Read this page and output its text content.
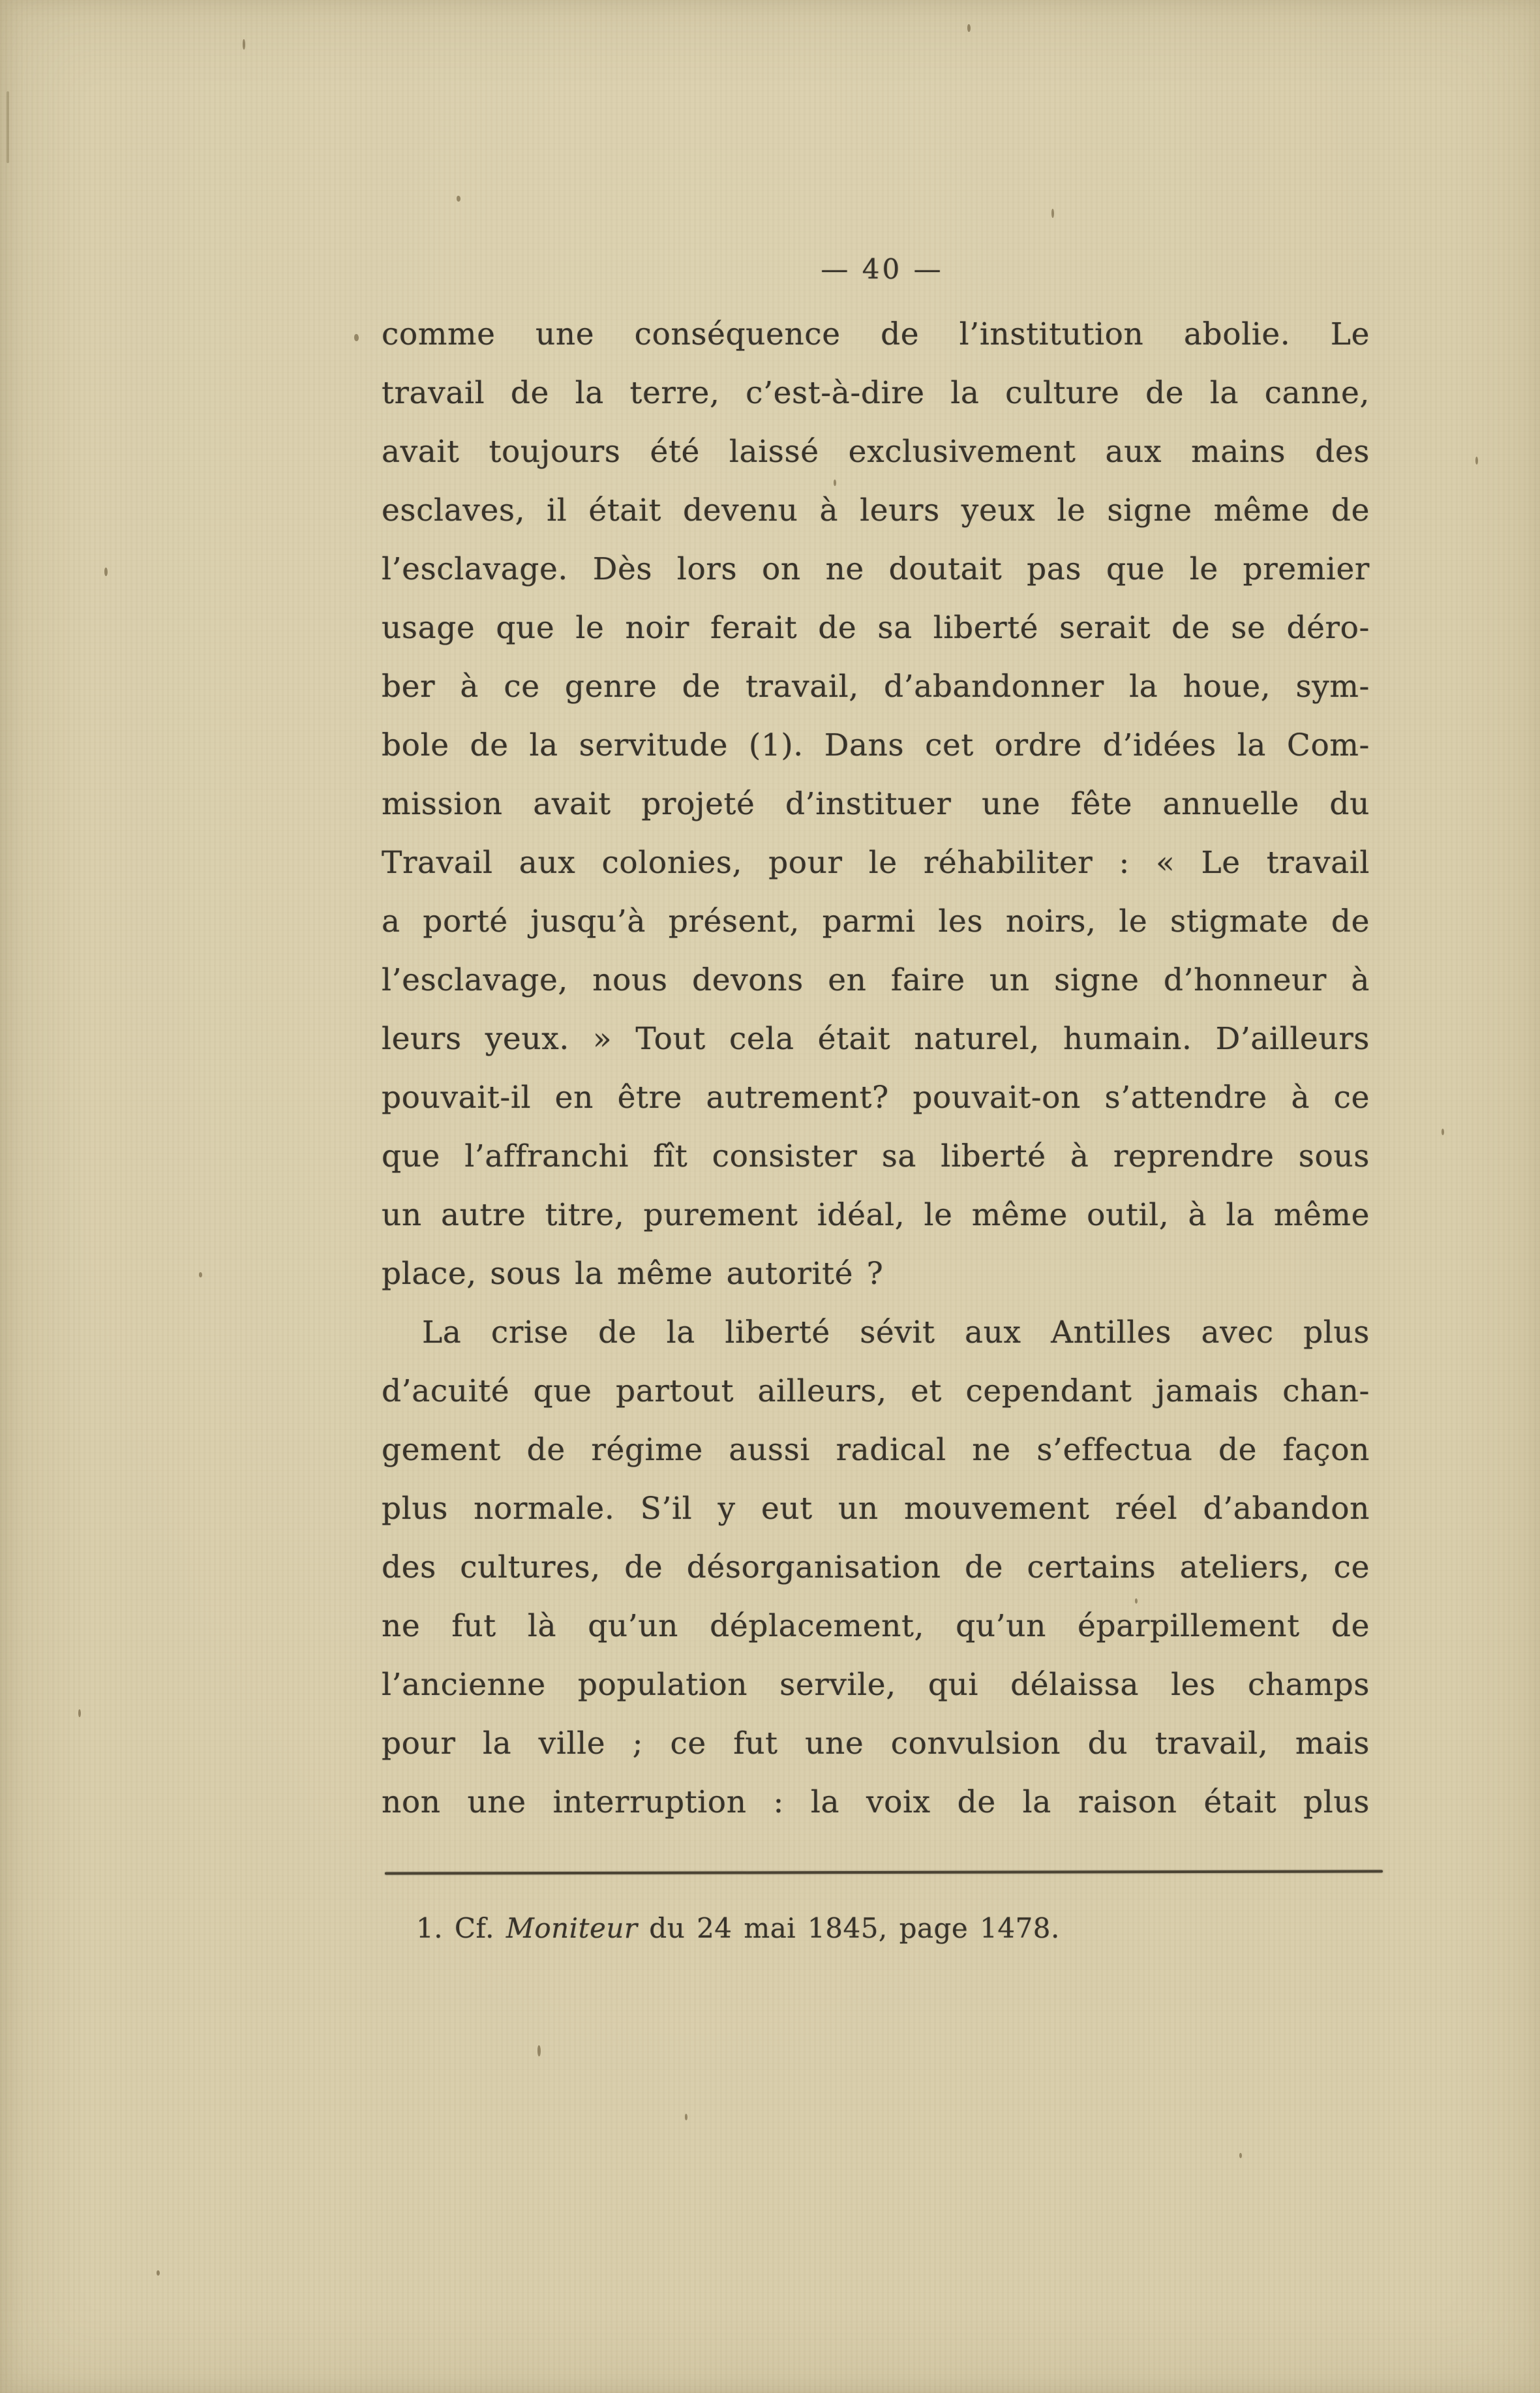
— 40 —
comme une conséquence de l’institution abolie. Le
travail de la terre, c’est-à-dire la culture de la canne,
avait toujours été laissé exclusivement aux mains des
esclaves, il était devenu à leurs yeux le signe même de
l’esclavage. Dès lors on ne doutait pas que le premier
usage que le noir ferait de sa liberté serait de se déro-
ber à ce genre de travail, d’abandonner la houe, sym-
bole de la servitude (1). Dans cet ordre d’idées la Com-
mission avait projeté d’instituer une fête annuelle du
Travail aux colonies, pour le réhabiliter : « Le travail
a porté jusqu’à présent, parmi les noirs, le stigmate de
l’esclavage, nous devons en faire un signe d’honneur à
leurs yeux. » Tout cela était naturel, humain. D’ailleurs
pouvait-il en être autrement? pouvait-on s’attendre à ce
que l’affranchi fît consister sa liberté à reprendre sous
un autre titre, purement idéal, le même outil, à la même
place, sous la même autorité ?
La crise de la liberté sévit aux Antilles avec plus
d’acuité que partout ailleurs, et cependant jamais chan-
gement de régime aussi radical ne s’effectua de façon
plus normale. S’il y eut un mouvement réel d’abandon
des cultures, de désorganisation de certains ateliers, ce
ne fut là qu’un déplacement, qu’un éparpillement de
l’ancienne population servile, qui délaissa les champs
pour la ville ; ce fut une convulsion du travail, mais
non une interruption : la voix de la raison était plus
1. Cf. Moniteur du 24 mai 1845, page 1478.
